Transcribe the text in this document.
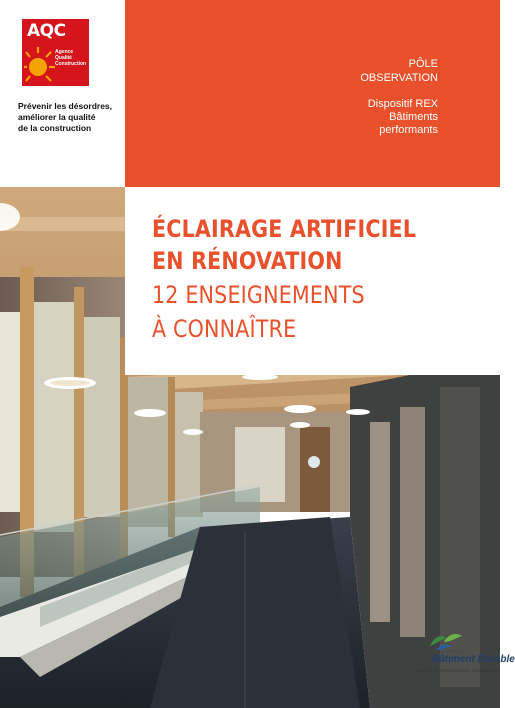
ÉCLAIRAGE ARTIFICIEL
EN RÉNOVATION
12 ENSEIGNEMENTS
À CONNAÎTRE
PÔLE
OBSERVATION
Dispositif REX
Bâtiments
performants
AQC
Agence
Qualité
Construction
Prévenir les désordres,
améliorer la qualité
de la construction
DÉVOLOPPEMENT
Bâtiment Durable
CENTRE DE RESSOURCES TECHNIQUES
